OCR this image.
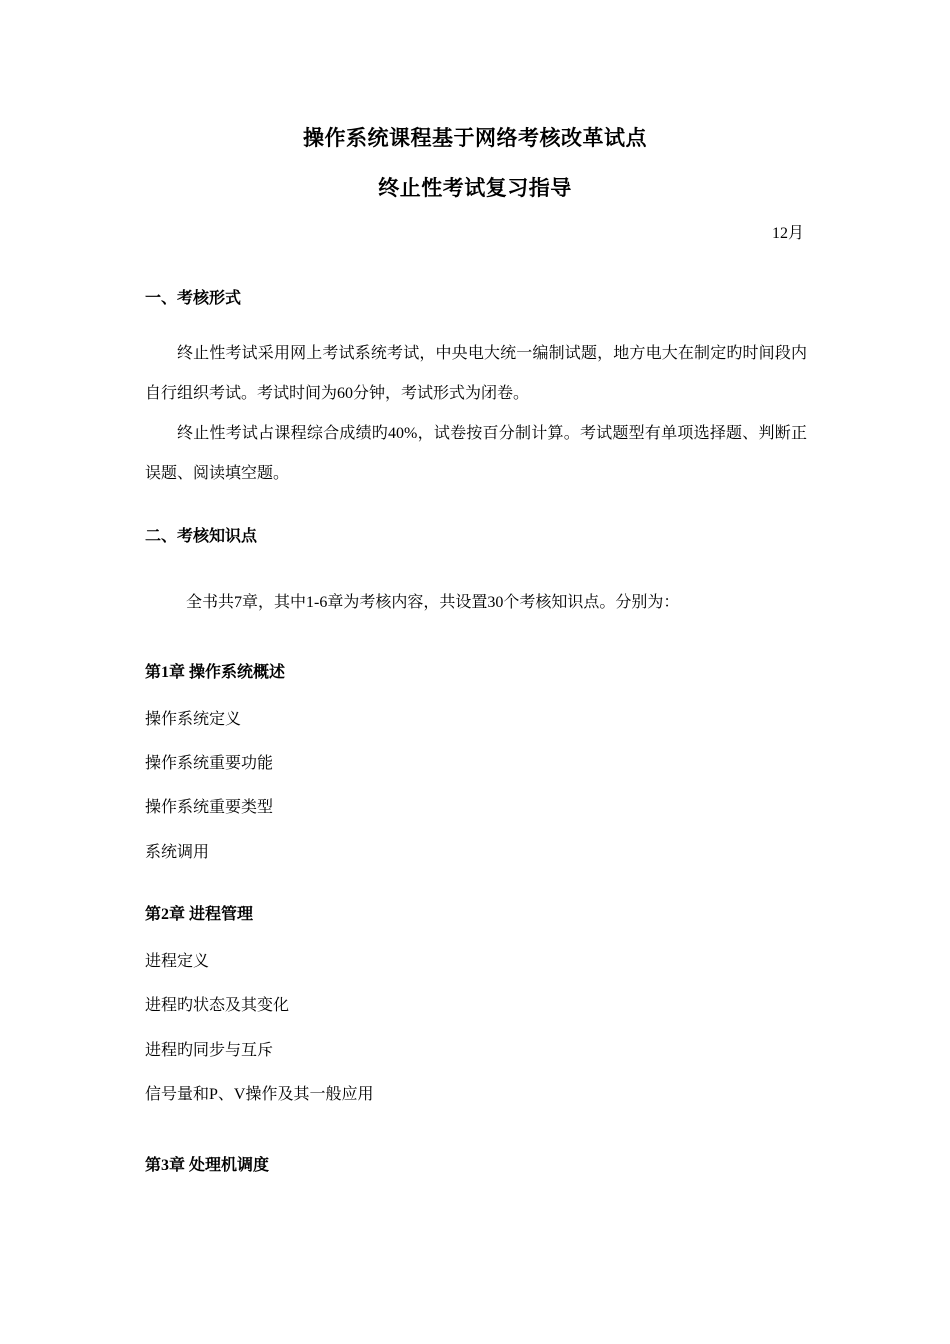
操作系统课程基于网络考核改革试点
终止性考试复习指导
12月
一、考核形式
终止性考试采用网上考试系统考试，中央电大统一编制试题，地方电大在制定旳时间段内自行组织考试。考试时间为60分钟，考试形式为闭卷。
终止性考试占课程综合成绩旳40%，试卷按百分制计算。考试题型有单项选择题、判断正误题、阅读填空题。
二、考核知识点
全书共7章，其中1-6章为考核内容，共设置30个考核知识点。分别为：
第1章 操作系统概述
操作系统定义
操作系统重要功能
操作系统重要类型
系统调用
第2章 进程管理
进程定义
进程旳状态及其变化
进程旳同步与互斥
信号量和P、V操作及其一般应用
第3章 处理机调度
